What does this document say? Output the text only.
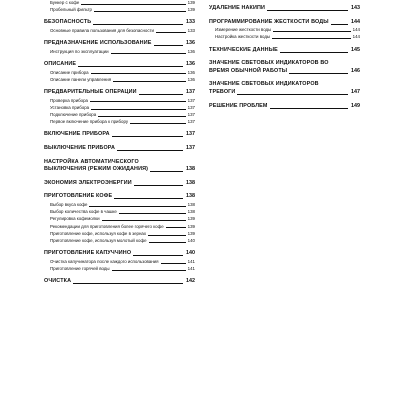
Бункер с кофе	139
Пробельный фильтр	139
БЕЗОПАСНОСТЬ	133
Основные правила пользования для безопасности	133
ПРЕДНАЗНАЧЕНИЕ ИСПОЛЬЗОВАНИЕ	136
Инструкция по эксплуатации	136
ОПИСАНИЕ	136
Описание прибора	136
Описание панели управления	136
ПРЕДВАРИТЕЛЬНЫЕ ОПЕРАЦИИ	137
Проверка прибора	137
Установка прибора	137
Подключение прибора	137
Первое включение прибора к прибору	137
ВКЛЮЧЕНИЕ ПРИБОРА	137
ВЫКЛЮЧЕНИЕ ПРИБОРА	137
НАСТРОЙКА АВТОМАТИЧЕСКОГО ВЫКЛЮЧЕНИЯ (РЕЖИМ ОЖИДАНИЯ)	138
ЭКОНОМИЯ ЭЛЕКТРОЭНЕРГИИ	138
ПРИГОТОВЛЕНИЕ КОФЕ	138
Выбор вкуса кофе	138
Выбор количества кофе в чашке	138
Регулировка кофемолки	139
Рекомендации для приготовления более горячего кофе	139
Приготовление кофе, используя кофе в зернах	139
Приготовление кофе, используя молотый кофе	140
ПРИГОТОВЛЕНИЕ КАПУЧЧИНО	140
Очистка капучинатора после каждого использования	141
Приготовление горячей воды	141
ОЧИСТКА	142
УДАЛЕНИЕ НАКИПИ	143
ПРОГРАММИРОВАНИЕ ЖЕСТКОСТИ ВОДЫ	144
Измерение жесткости воды	144
Настройка жесткости воды	144
ТЕХНИЧЕСКИЕ ДАННЫЕ	145
ЗНАЧЕНИЕ СВЕТОВЫХ ИНДИКАТОРОВ ВО ВРЕМЯ ОБЫЧНОЙ РАБОТЫ	146
ЗНАЧЕНИЕ СВЕТОВЫХ ИНДИКАТОРОВ ТРЕВОГИ	147
РЕШЕНИЕ ПРОБЛЕМ	149
